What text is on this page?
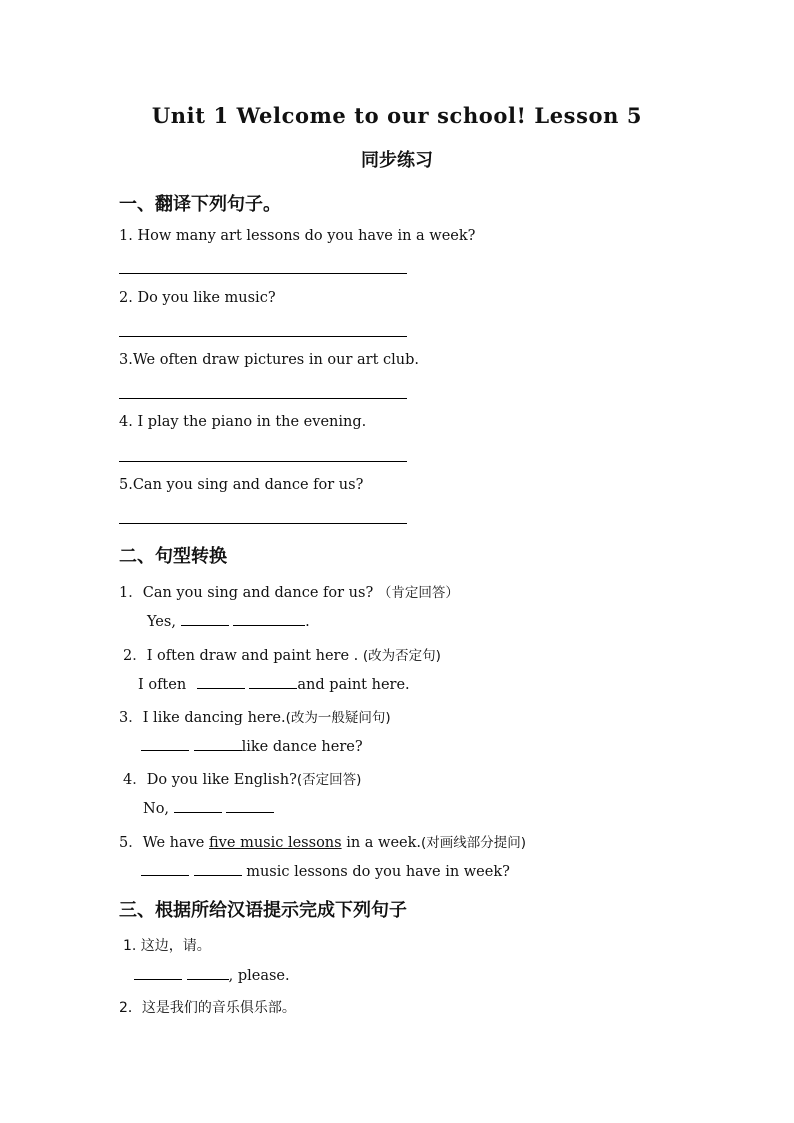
Unit 1 Welcome to our school! Lesson 5
同步练习
一、翻译下列句子。
1. How many art lessons do you have in a week?
2. Do you like music?
3.We often draw pictures in our art club.
4. I play the piano in the evening.
5.Can you sing and dance for us?
二、句型转换
1．Can you sing and dance for us? （肯定回答）
Yes,	.
2．I often draw and paint here . (改为否定句)
I often	and paint here.
3．I like dancing here.(改为一般疑问句)
like dance here?
4．Do you like English?(否定回答)
No,
5．We have five music lessons in a week.(对画线部分提问)
music lessons do you have in week?
三、根据所给汉语提示完成下列句子
1. 这边，请。
, please.
2．这是我们的音乐俱乐部。
